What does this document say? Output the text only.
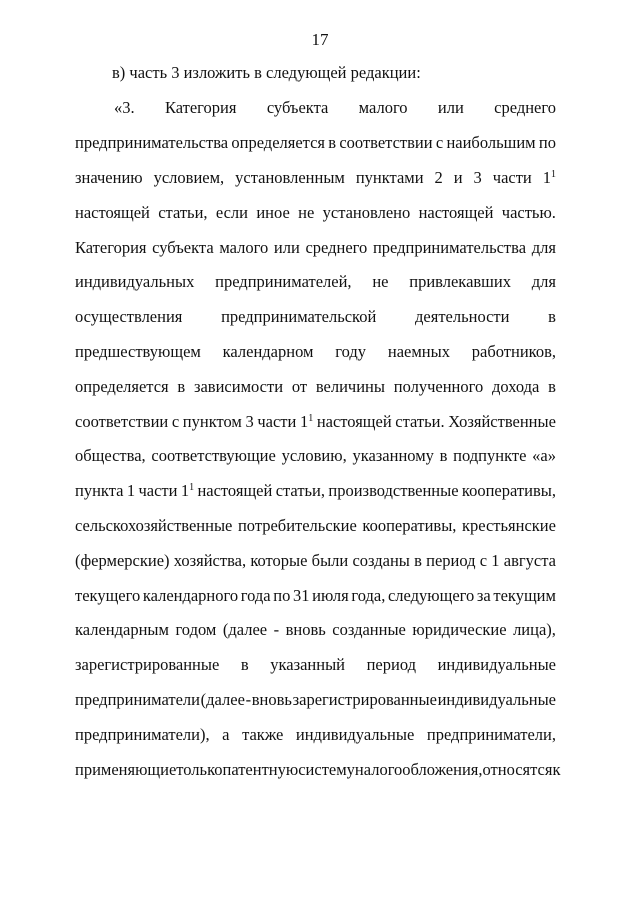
17
в) часть 3 изложить в следующей редакции:
«3. Категория субъекта малого или среднего
предпринимательства определяется в соответствии с наибольшим по
значению условием, установленным пунктами 2 и 3 части $1^1$
настоящей статьи, если иное не установлено настоящей частью.
Категория субъекта малого или среднего предпринимательства для
индивидуальных предпринимателей, не привлекавших для
осуществления предпринимательской деятельности в
предшествующем календарном году наемных работников,
определяется в зависимости от величины полученного дохода в
соответствии с пунктом 3 части $1^1$ настоящей статьи. Хозяйственные
общества, соответствующие условию, указанному в подпункте «а»
пункта 1 части $1^1$ настоящей статьи, производственные кооперативы,
сельскохозяйственные потребительские кооперативы, крестьянские
(фермерские) хозяйства, которые были созданы в период с 1 августа
текущего календарного года по 31 июля года, следующего за текущим
календарным годом (далее - вновь созданные юридические лица),
зарегистрированные в указанный период индивидуальные
предприниматели (далее - вновь зарегистрированные индивидуальные
предприниматели), а также индивидуальные предприниматели,
применяющие только патентную систему налогообложения, относятся к
